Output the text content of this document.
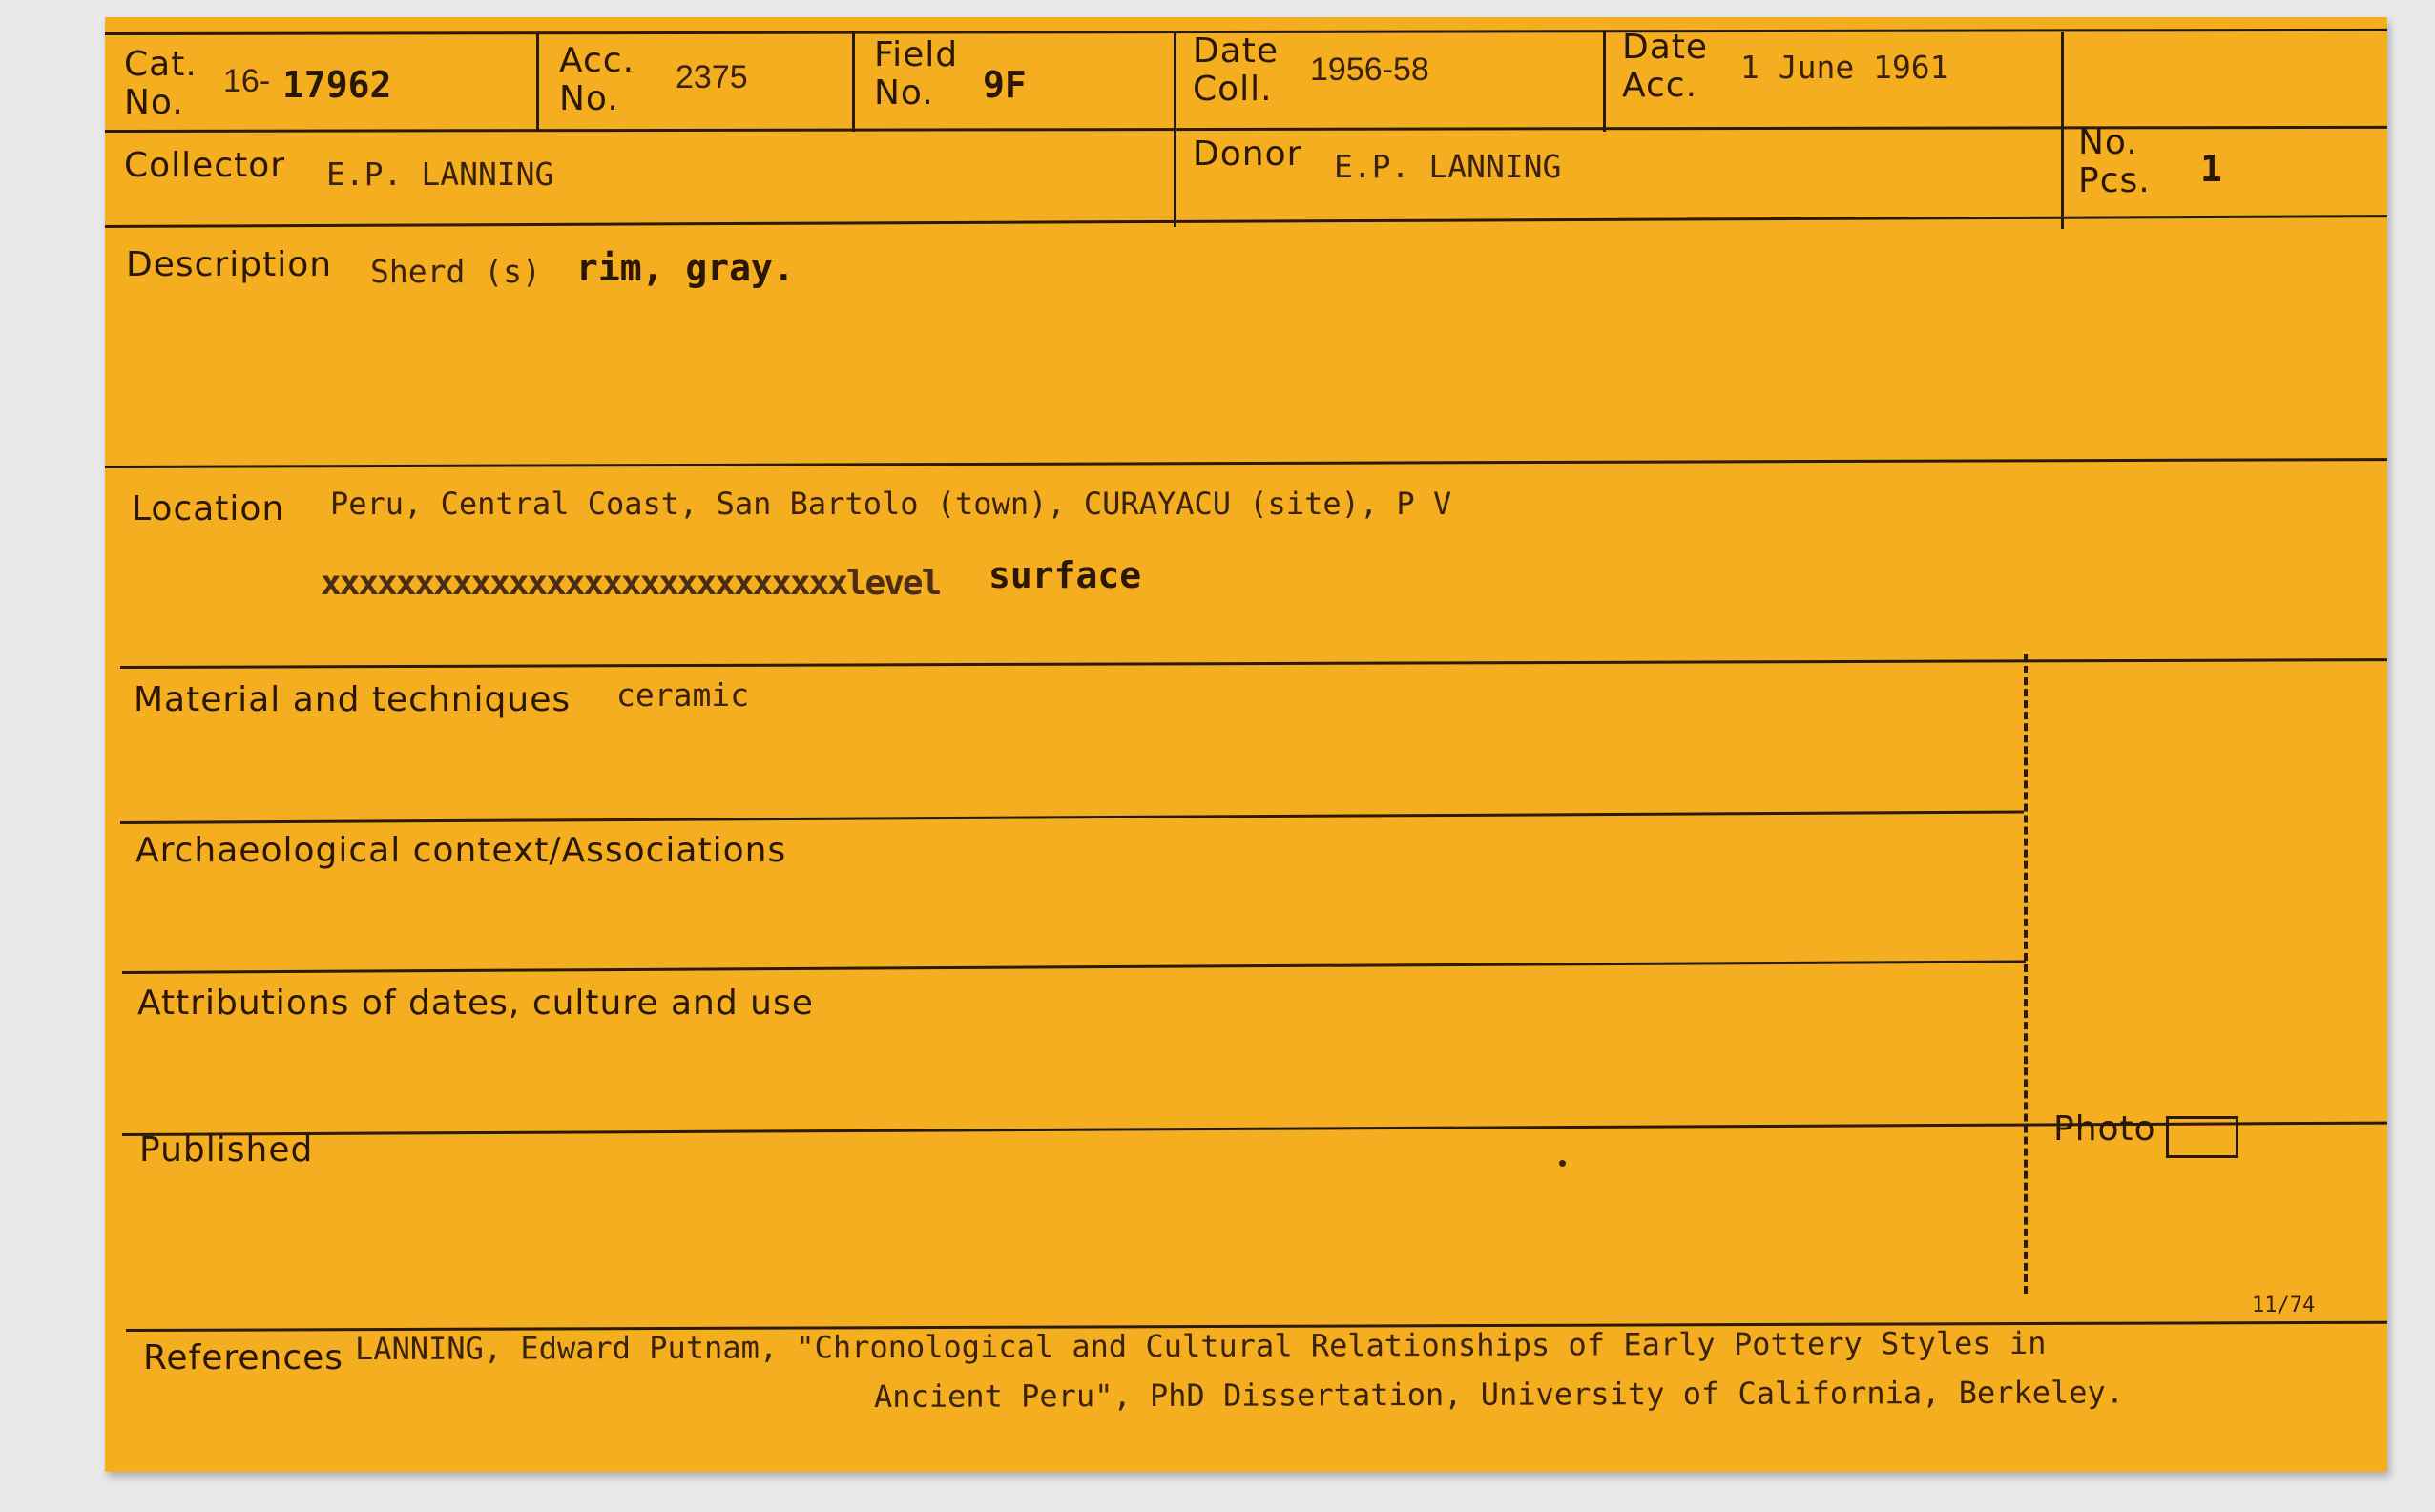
Cat.
No.
16- 17962
Acc.
No.
2375
Field
No.	9F
Date
Coll.
1956-58
Date
Acc.	1 June 1961
Collector E.P. LANNING
Donor E.P. LANNING
No.
Pcs. 1
Description Sherd (s) rim, gray.
Location Peru, Central Coast, San Bartolo (town), CURAYACU (site), P V
xxxxxxxxxxxxxxxxxxxxxxxxxxxxlevel surface
Material and techniques ceramic
Archaeological context/Associations
Attributions of dates, culture and use
Published
Photo
References LANNING, Edward Putnam, "Chronological and Cultural Relationships of Early Pottery Styles in
Ancient Peru", PhD Dissertation, University of California, Berkeley.
11/74
